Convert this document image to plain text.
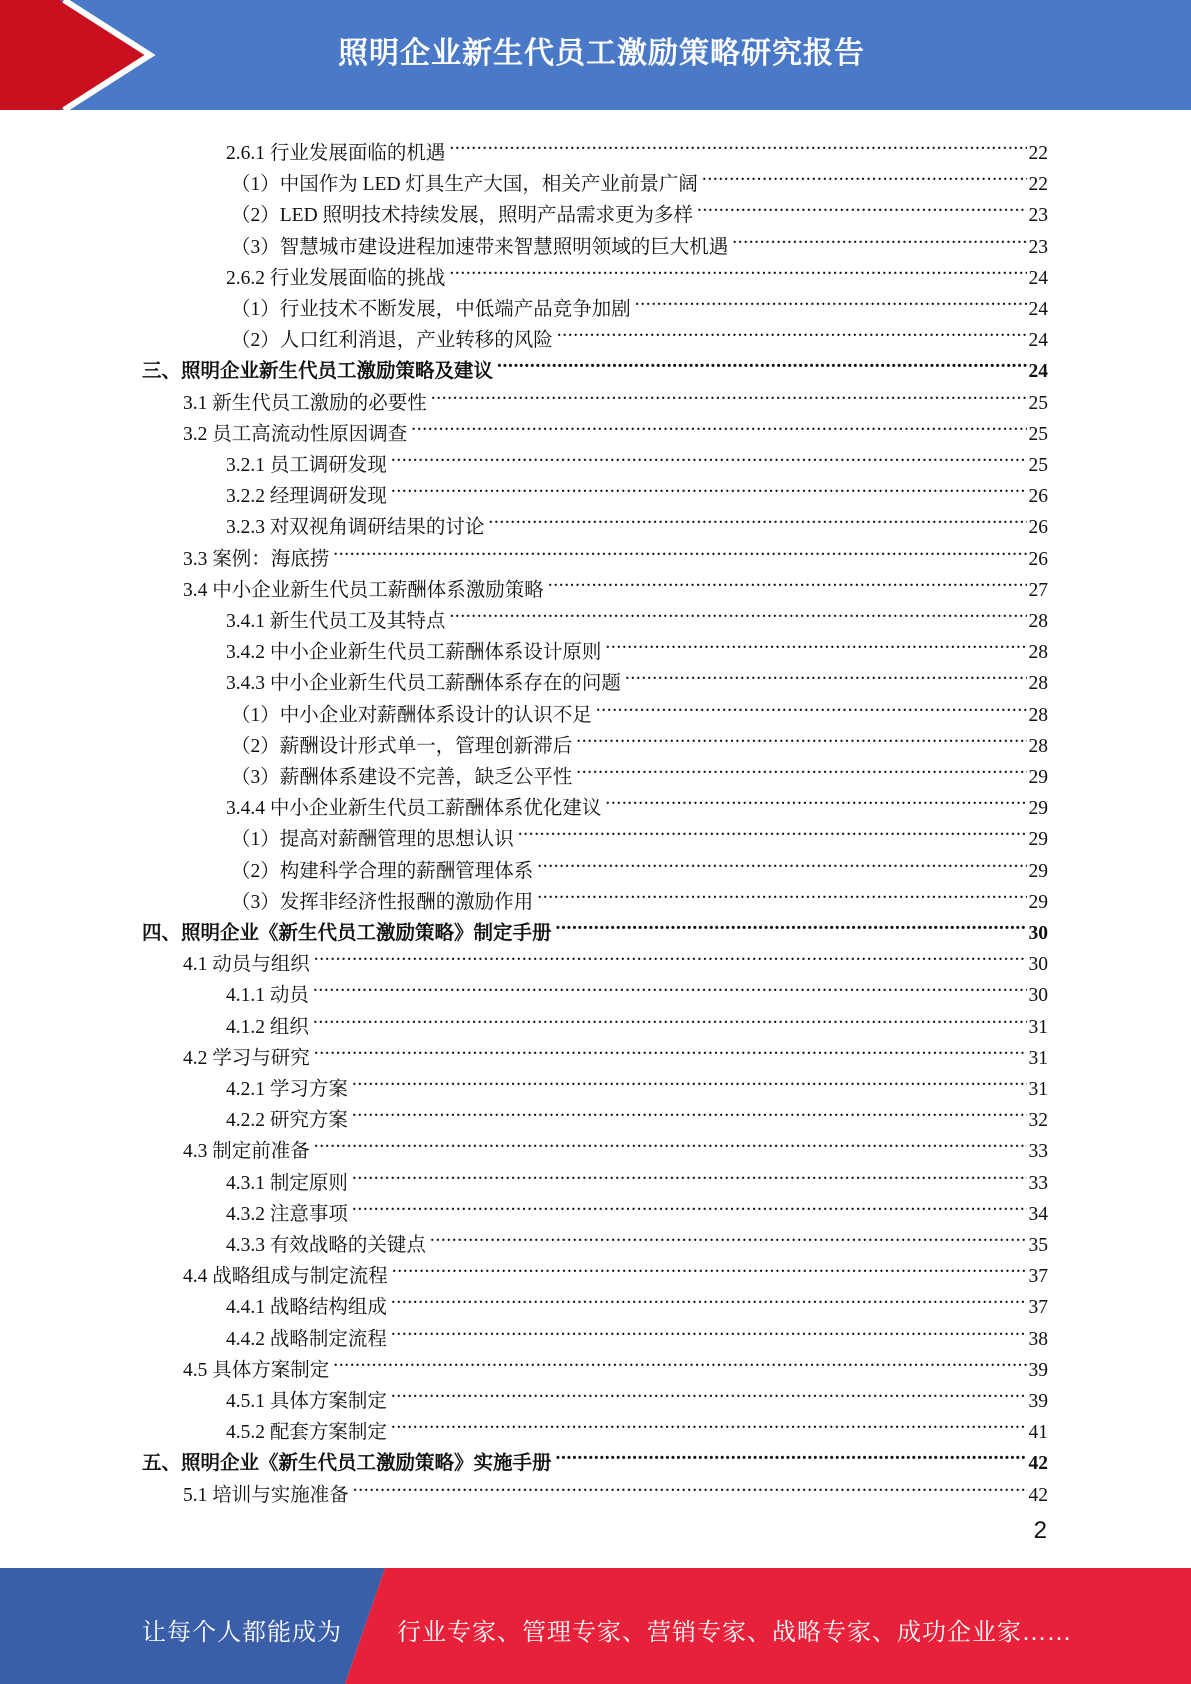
照明企业新生代员工激励策略研究报告
2.6.1 行业发展面临的机遇 .....	22
（1）中国作为 LED 灯具生产大国，相关产业前景广阔 .....	22
（2）LED 照明技术持续发展，照明产品需求更为多样 .....	23
（3）智慧城市建设进程加速带来智慧照明领域的巨大机遇 .....	23
2.6.2 行业发展面临的挑战 .....	24
（1）行业技术不断发展，中低端产品竞争加剧 .....	24
（2）人口红利消退，产业转移的风险 .....	24
三、照明企业新生代员工激励策略及建议 .....	24
3.1 新生代员工激励的必要性 .....	25
3.2 员工高流动性原因调查 .....	25
3.2.1 员工调研发现 .....	25
3.2.2 经理调研发现 .....	26
3.2.3 对双视角调研结果的讨论 .....	26
3.3 案例：海底捞 .....	26
3.4 中小企业新生代员工薪酬体系激励策略 .....	27
3.4.1 新生代员工及其特点 .....	28
3.4.2 中小企业新生代员工薪酬体系设计原则 .....	28
3.4.3 中小企业新生代员工薪酬体系存在的问题 .....	28
（1）中小企业对薪酬体系设计的认识不足 .....	28
（2）薪酬设计形式单一，管理创新滞后 .....	28
（3）薪酬体系建设不完善，缺乏公平性 .....	29
3.4.4 中小企业新生代员工薪酬体系优化建议 .....	29
（1）提高对薪酬管理的思想认识 .....	29
（2）构建科学合理的薪酬管理体系 .....	29
（3）发挥非经济性报酬的激励作用 .....	29
四、照明企业《新生代员工激励策略》制定手册 .....	30
4.1 动员与组织 .....	30
4.1.1 动员 .....	30
4.1.2 组织 .....	31
4.2 学习与研究 .....	31
4.2.1 学习方案 .....	31
4.2.2 研究方案 .....	32
4.3 制定前准备 .....	33
4.3.1 制定原则 .....	33
4.3.2 注意事项 .....	34
4.3.3 有效战略的关键点 .....	35
4.4 战略组成与制定流程 .....	37
4.4.1 战略结构组成 .....	37
4.4.2 战略制定流程 .....	38
4.5 具体方案制定 .....	39
4.5.1 具体方案制定 .....	39
4.5.2 配套方案制定 .....	41
五、照明企业《新生代员工激励策略》实施手册 .....	42
5.1 培训与实施准备 .....	42
2
让每个人都能成为 行业专家、管理专家、营销专家、战略专家、成功企业家……
